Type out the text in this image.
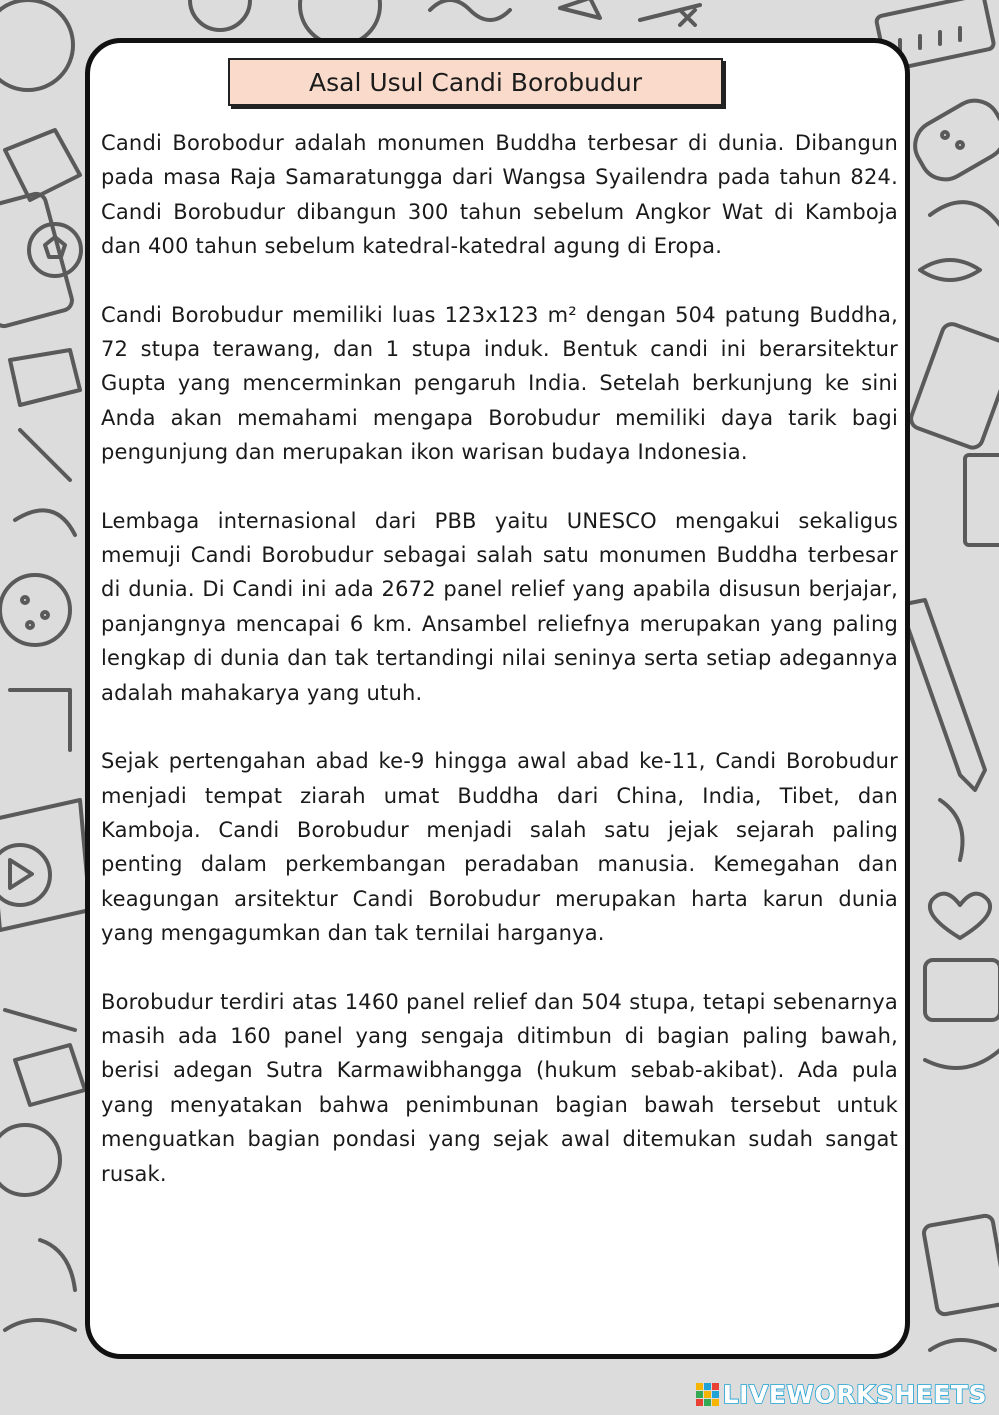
Asal Usul Candi Borobudur

Candi Borobodur adalah monumen Buddha terbesar di dunia. Dibangun pada masa Raja Samaratungga dari Wangsa Syailendra pada tahun 824. Candi Borobudur dibangun 300 tahun sebelum Angkor Wat di Kamboja dan 400 tahun sebelum katedral-katedral agung di Eropa.

Candi Borobudur memiliki luas 123x123 m² dengan 504 patung Buddha, 72 stupa terawang, dan 1 stupa induk. Bentuk candi ini berarsitektur Gupta yang mencerminkan pengaruh India. Setelah berkunjung ke sini Anda akan memahami mengapa Borobudur memiliki daya tarik bagi pengunjung dan merupakan ikon warisan budaya Indonesia.

Lembaga internasional dari PBB yaitu UNESCO mengakui sekaligus memuji Candi Borobudur sebagai salah satu monumen Buddha terbesar di dunia. Di Candi ini ada 2672 panel relief yang apabila disusun berjajar, panjangnya mencapai 6 km. Ansambel reliefnya merupakan yang paling lengkap di dunia dan tak tertandingi nilai seninya serta setiap adegannya adalah mahakarya yang utuh.

Sejak pertengahan abad ke-9 hingga awal abad ke-11, Candi Borobudur menjadi tempat ziarah umat Buddha dari China, India, Tibet, dan Kamboja. Candi Borobudur menjadi salah satu jejak sejarah paling penting dalam perkembangan peradaban manusia. Kemegahan dan keagungan arsitektur Candi Borobudur merupakan harta karun dunia yang mengagumkan dan tak ternilai harganya.

Borobudur terdiri atas 1460 panel relief dan 504 stupa, tetapi sebenarnya masih ada 160 panel yang sengaja ditimbun di bagian paling bawah, berisi adegan Sutra Karmawibhangga (hukum sebab-akibat). Ada pula yang menyatakan bahwa penimbunan bagian bawah tersebut untuk menguatkan bagian pondasi yang sejak awal ditemukan sudah sangat rusak.

LIVEWORKSHEETS
